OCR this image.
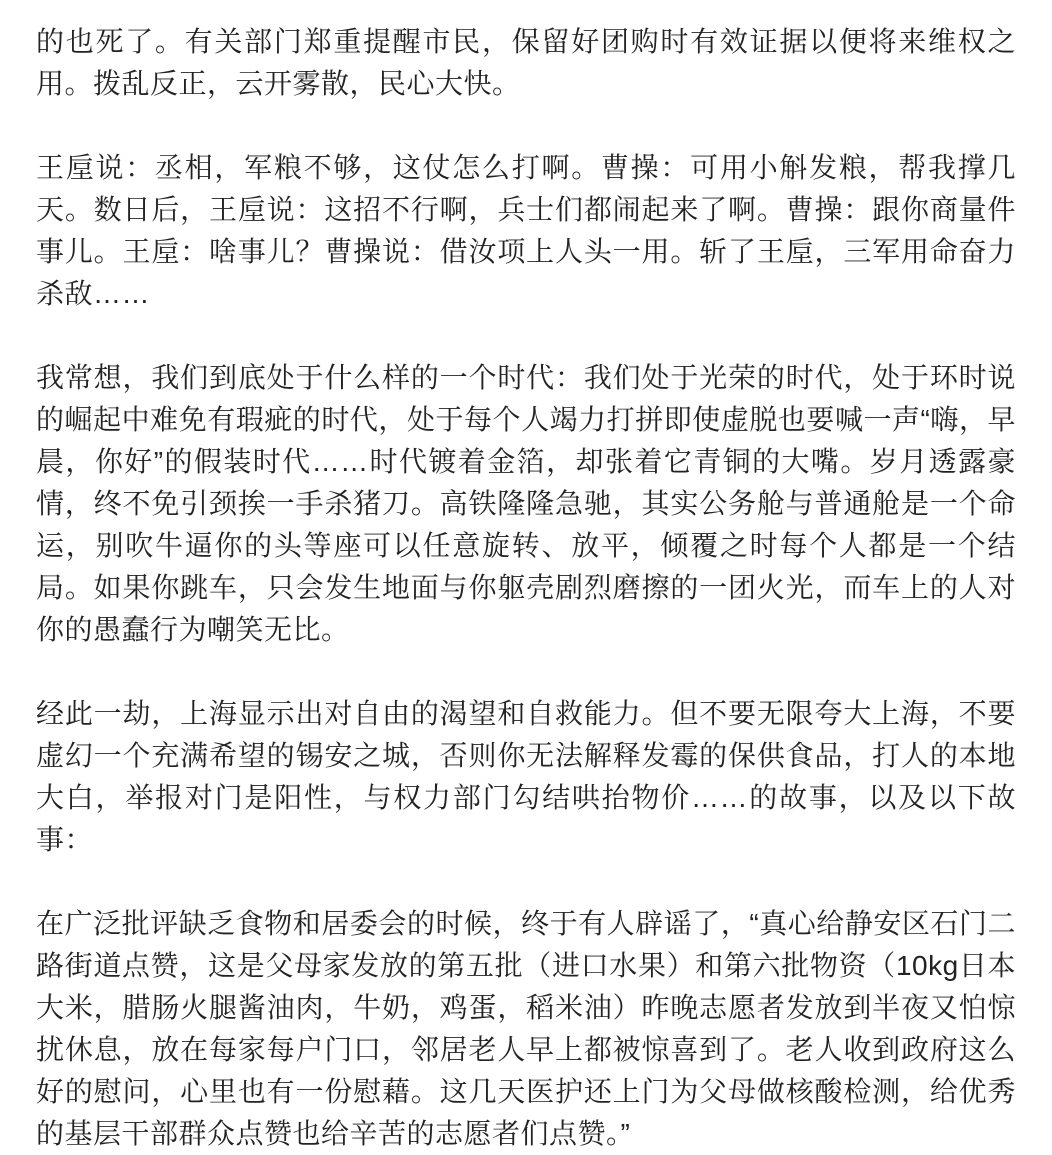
的也死了。有关部门郑重提醒市民，保留好团购时有效证据以便将来维权之用。拨乱反正，云开雾散，民心大快。

王垕说：丞相，军粮不够，这仗怎么打啊。曹操：可用小斛发粮，帮我撑几天。数日后，王垕说：这招不行啊，兵士们都闹起来了啊。曹操：跟你商量件事儿。王垕：啥事儿？曹操说：借汝项上人头一用。斩了王垕，三军用命奋力杀敌……

我常想，我们到底处于什么样的一个时代：我们处于光荣的时代，处于环时说的崛起中难免有瑕疵的时代，处于每个人竭力打拼即使虚脱也要喊一声“嗨，早晨，你好”的假装时代……时代镀着金箔，却张着它青铜的大嘴。岁月透露豪情，终不免引颈挨一手杀猪刀。高铁隆隆急驰，其实公务舱与普通舱是一个命运，别吹牛逼你的头等座可以任意旋转、放平，倾覆之时每个人都是一个结局。如果你跳车，只会发生地面与你躯壳剧烈磨擦的一团火光，而车上的人对你的愚蠢行为嘲笑无比。

经此一劫，上海显示出对自由的渴望和自救能力。但不要无限夸大上海，不要虚幻一个充满希望的锡安之城，否则你无法解释发霉的保供食品，打人的本地大白，举报对门是阳性，与权力部门勾结哄抬物价……的故事，以及以下故事：

在广泛批评缺乏食物和居委会的时候，终于有人辟谣了，“真心给静安区石门二路街道点赞，这是父母家发放的第五批（进口水果）和第六批物资（10kg日本大米，腊肠火腿酱油肉，牛奶，鸡蛋，稻米油）昨晚志愿者发放到半夜又怕惊扰休息，放在每家每户门口，邻居老人早上都被惊喜到了。老人收到政府这么好的慰问，心里也有一份慰藉。这几天医护还上门为父母做核酸检测，给优秀的基层干部群众点赞也给辛苦的志愿者们点赞。”
